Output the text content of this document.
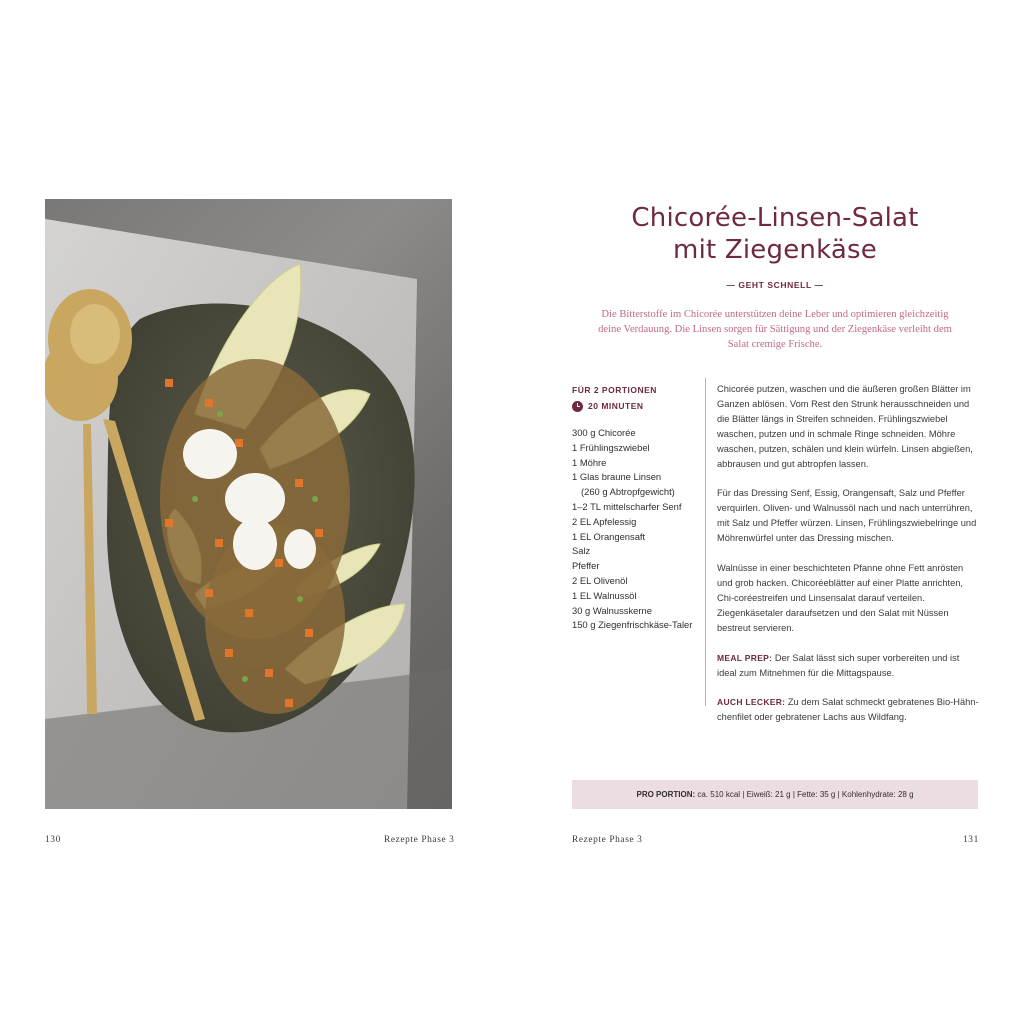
Chicorée-Linsen-Salat
mit Ziegenkäse
— GEHT SCHNELL —
Die Bitterstoffe im Chicorée unterstützen deine Leber und optimieren gleichzeitig deine Verdauung. Die Linsen sorgen für Sättigung und der Ziegenkäse verleiht dem Salat cremige Frische.
FÜR 2 PORTIONEN
20 MINUTEN
300 g Chicorée
1 Frühlingszwiebel
1 Möhre
1 Glas braune Linsen
(260 g Abtropfgewicht)
1–2 TL mittelscharfer Senf
2 EL Apfelessig
1 EL Orangensaft
Salz
Pfeffer
2 EL Olivenöl
1 EL Walnussöl
30 g Walnusskerne
150 g Ziegenfrischkäse-Taler

Chicorée putzen, waschen und die äußeren großen Blätter im Ganzen ablösen. Vom Rest den Strunk herausschneiden und die Blätter längs in Streifen schneiden. Frühlingszwiebel waschen, putzen und in schmale Ringe schneiden. Möhre waschen, putzen, schälen und klein würfeln. Linsen abgießen, abbrausen und gut abtropfen lassen.

Für das Dressing Senf, Essig, Orangensaft, Salz und Pfeffer verquirlen. Oliven- und Walnussöl nach und nach unterrühren, mit Salz und Pfeffer würzen. Linsen, Frühlingszwiebelringe und Möhrenwürfel unter das Dressing mischen.

Walnüsse in einer beschichteten Pfanne ohne Fett anrösten und grob hacken. Chicoréeblätter auf einer Platte anrichten, Chi-coréestreifen und Linsensalat darauf verteilen. Ziegenkäsetaler daraufsetzen und den Salat mit Nüssen bestreut servieren.

MEAL PREP: Der Salat lässt sich super vorbereiten und ist ideal zum Mitnehmen für die Mittagspause.

AUCH LECKER: Zu dem Salat schmeckt gebratenes Bio-Hähn-chenfilet oder gebratener Lachs aus Wildfang.

PRO PORTION: ca. 510 kcal | Eiweiß: 21 g | Fette: 35 g | Kohlenhydrate: 28 g
130	Rezepte Phase 3	Rezepte Phase 3	131
